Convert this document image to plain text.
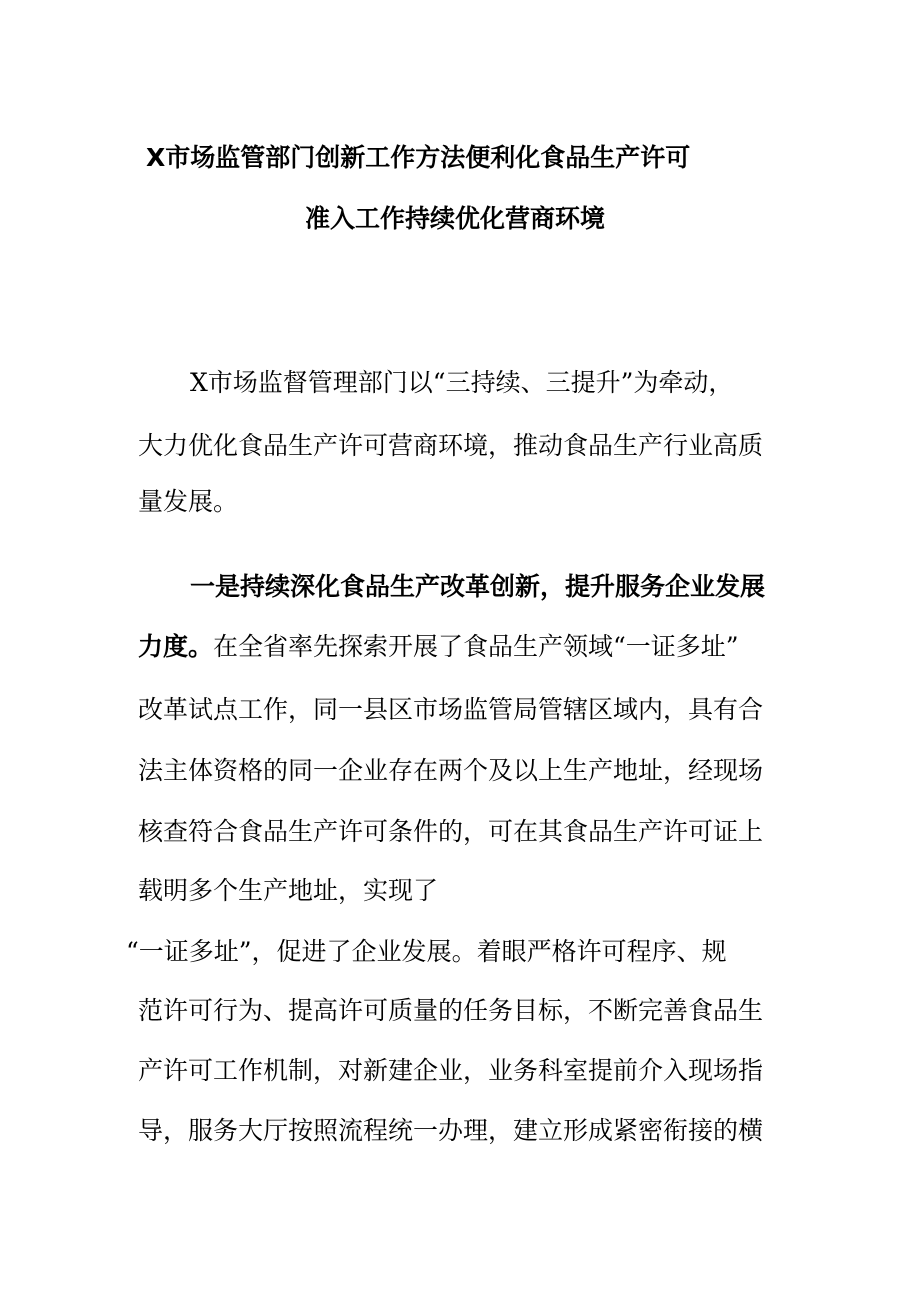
X市场监管部门创新工作方法便利化食品生产许可
准入工作持续优化营商环境
X市场监督管理部门以“三持续、三提升”为牵动，
大力优化食品生产许可营商环境，推动食品生产行业高质
量发展。
一是持续深化食品生产改革创新，提升服务企业发展
力度。在全省率先探索开展了食品生产领域“一证多址”
改革试点工作，同一县区市场监管局管辖区域内，具有合
法主体资格的同一企业存在两个及以上生产地址，经现场
核查符合食品生产许可条件的，可在其食品生产许可证上
载明多个生产地址，实现了
“一证多址”，促进了企业发展。着眼严格许可程序、规
范许可行为、提高许可质量的任务目标，不断完善食品生
产许可工作机制，对新建企业，业务科室提前介入现场指
导，服务大厅按照流程统一办理，建立形成紧密衔接的横
